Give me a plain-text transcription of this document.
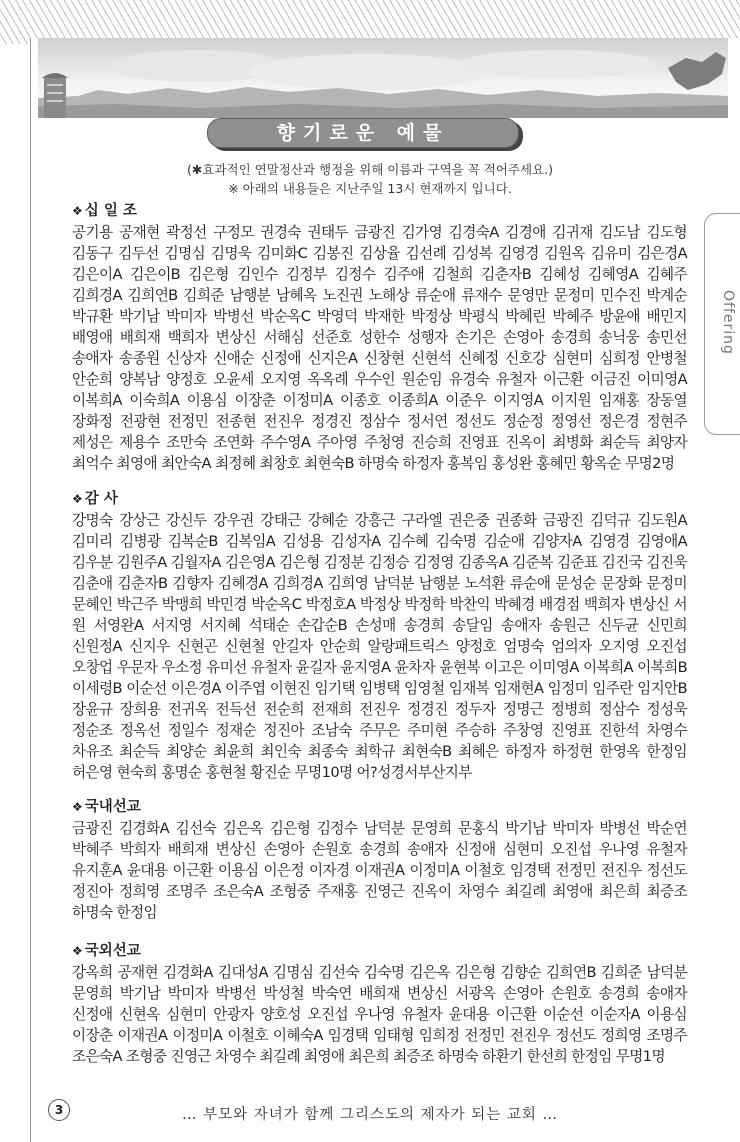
향기로운 예물
(✱효과적인 연말정산과 행정을 위해 이름과 구역을 꼭 적어주세요.)
※ 아래의 내용들은 지난주일 13시 현재까지 입니다.
Offering
❖ 십 일 조
공기용 공재현 곽정선 구정모 권경숙 권태두 금광진 김가영 김경숙A 김경애 김귀재 김도남 김도형 김동구 김두선 김명심 김명욱 김미화C 김봉진 김상율 김선례 김성복 김영경 김원옥 김유미 김은경A 김은이A 김은이B 김은형 김인수 김정부 김정수 김주애 김철희 김춘자B 김혜성 김혜영A 김혜주 김희경A 김희연B 김희준 남행분 남혜옥 노진권 노해상 류순애 류재수 문영만 문정미 민수진 박계순 박규환 박기남 박미자 박병선 박순옥C 박영덕 박재한 박정상 박평식 박혜린 박혜주 방윤애 배민지 배영애 배희재 백희자 변상신 서해심 선준호 성한수 성행자 손기은 손영아 송경희 송닉웅 송민선 송애자 송종원 신상자 신애순 신정애 신지은A 신창현 신현석 신혜정 신호강 심현미 심희정 안병철 안순희 양복남 양정호 오윤세 오지영 옥옥례 우수인 원순임 유경숙 유철자 이근환 이금진 이미영A 이복희A 이숙희A 이용심 이장춘 이정미A 이종호 이종희A 이준우 이지영A 이지원 임재홍 장동열 장화정 전광현 전정민 전종현 전진우 정경진 정삼수 정서연 정선도 정순정 정영선 정은경 정현주 제성은 제용수 조만숙 조연화 주수영A 주아영 주청영 진승희 진영표 진옥이 최병화 최순득 최양자 최억수 최영애 최안숙A 최정혜 최창호 최현숙B 하명숙 하정자 홍복임 홍성완 홍혜민 황옥순 무명2명
❖ 감 사
강명숙 강상근 강신두 강우권 강태근 강혜순 강흥근 구라엘 권은중 권종화 금광진 김덕규 김도원A 김미리 김병광 김복순B 김복임A 김성용 김성자A 김수혜 김숙명 김순애 김양자A 김영경 김영애A 김우분 김원주A 김월자A 김은영A 김은형 김정분 김정승 김정영 김종옥A 김준복 김준표 김진국 김진욱 김춘애 김춘자B 김향자 김혜경A 김희경A 김희영 남덕분 남행분 노석환 류순애 문성순 문장화 문정미 문혜인 박근주 박맹희 박민경 박순옥C 박정호A 박정상 박정학 박찬익 박혜경 배경점 백희자 변상신 서 원 서영완A 서지영 서지혜 석태순 손갑순B 손성매 송경희 송달임 송애자 송원근 신두균 신민희 신원정A 신지우 신현곤 신현철 안길자 안순희 알랑패트릭스 양정호 엄명숙 엄의자 오지영 오진섭 오창업 우문자 우소정 유미선 유철자 윤길자 윤지영A 윤차자 윤현복 이고은 이미영A 이복희A 이복희B 이세령B 이순선 이은경A 이주엽 이현진 임기택 임병택 임영철 임재복 임재현A 임정미 임주란 임지안B 장윤규 장희용 전귀옥 전득선 전순희 전재희 전진우 정경진 정두자 정명근 정병희 정삼수 정성욱 정순조 정옥선 정일수 정재순 정진아 조남숙 주무은 주미현 주승하 주창영 진영표 진한석 차영수 차유조 최순득 최양순 최윤희 최인숙 최종숙 최학규 최현숙B 최혜은 하정자 하정현 한영옥 한정임 허은영 현숙희 홍명순 홍현철 황진순 무명10명 어?성경서부산지부
❖ 국내선교
금광진 김경화A 김선숙 김은옥 김은형 김정수 남덕분 문영희 문홍식 박기남 박미자 박병선 박순연 박혜주 박희자 배희재 변상신 손영아 손원호 송경희 송애자 신정애 심현미 오진섭 우나영 유철자 유지훈A 윤대용 이근환 이용심 이은정 이자경 이재권A 이정미A 이철호 임경택 전정민 전진우 정선도 정진아 정희영 조명주 조은숙A 조형중 주재홍 진영근 진옥이 차영수 최길례 최영애 최은희 최증조 하명숙 한정임
❖ 국외선교
강옥희 공재현 김경화A 김대성A 김명심 김선숙 김숙명 김은옥 김은형 김향순 김희연B 김희준 남덕분 문영희 박기남 박미자 박병선 박성철 박숙연 배희재 변상신 서광옥 손영아 손원호 송경희 송애자 신정애 신현옥 심현미 안광자 양호성 오진섭 우나영 유철자 윤대용 이근환 이순선 이순자A 이용심 이장춘 이재권A 이정미A 이철호 이혜숙A 임경택 임태형 임희정 전정민 전진우 정선도 정희영 조명주 조은숙A 조형중 진영근 차영수 최길례 최영애 최은희 최증조 하명숙 하환기 한선희 한정임 무명1명
3	… 부모와 자녀가 함께 그리스도의 제자가 되는 교회 …
